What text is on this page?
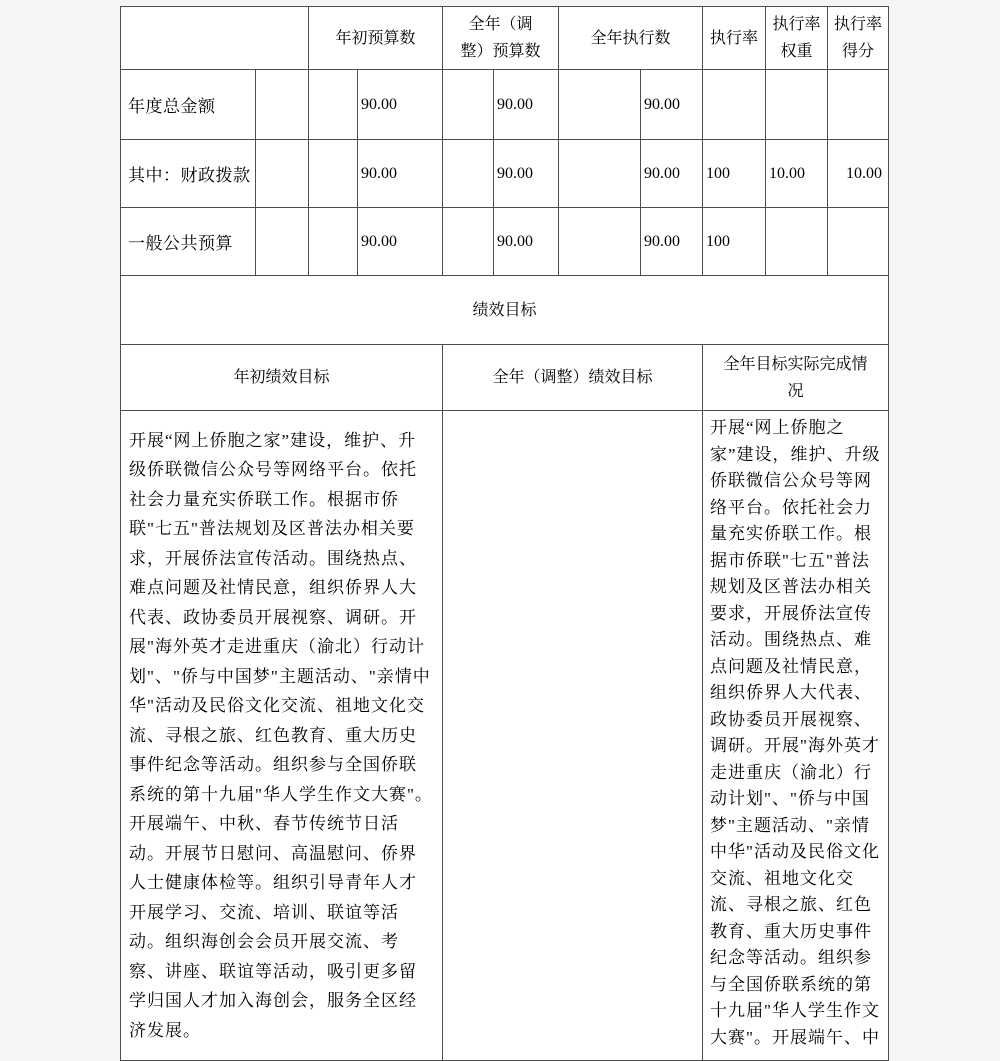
		年初预算数		全年（调整）预算数		全年执行数		执行率	执行率权重	执行率得分
年度总金额			90.00		90.00		90.00			
其中：财政拨款			90.00		90.00		90.00	100	10.00	10.00
一般公共预算			90.00		90.00		90.00	100		
绩效目标										
年初绩效目标				全年（调整）绩效目标				全年目标实际完成情况		

开展“网上侨胞之家”建设，维护、升级侨联微信公众号等网络平台。依托社会力量充实侨联工作。根据市侨联"七五"普法规划及区普法办相关要求，开展侨法宣传活动。围绕热点、难点问题及社情民意，组织侨界人大代表、政协委员开展视察、调研。开展"海外英才走进重庆（渝北）行动计划"、"侨与中国梦"主题活动、"亲情中华"活动及民俗文化交流、祖地文化交流、寻根之旅、红色教育、重大历史事件纪念等活动。组织参与全国侨联系统的第十九届"华人学生作文大赛"。开展端午、中秋、春节传统节日活动。开展节日慰问、高温慰问、侨界人士健康体检等。组织引导青年人才开展学习、交流、培训、联谊等活动。组织海创会会员开展交流、考察、讲座、联谊等活动，吸引更多留学归国人才加入海创会，服务全区经济发展。

开展“网上侨胞之家”建设，维护、升级侨联微信公众号等网络平台。依托社会力量充实侨联工作。根据市侨联"七五"普法规划及区普法办相关要求，开展侨法宣传活动。围绕热点、难点问题及社情民意，组织侨界人大代表、政协委员开展视察、调研。开展"海外英才走进重庆（渝北）行动计划"、"侨与中国梦"主题活动、"亲情中华"活动及民俗文化交流、祖地文化交流、寻根之旅、红色教育、重大历史事件纪念等活动。组织参与全国侨联系统的第十九届"华人学生作文大赛"。开展端午、中
